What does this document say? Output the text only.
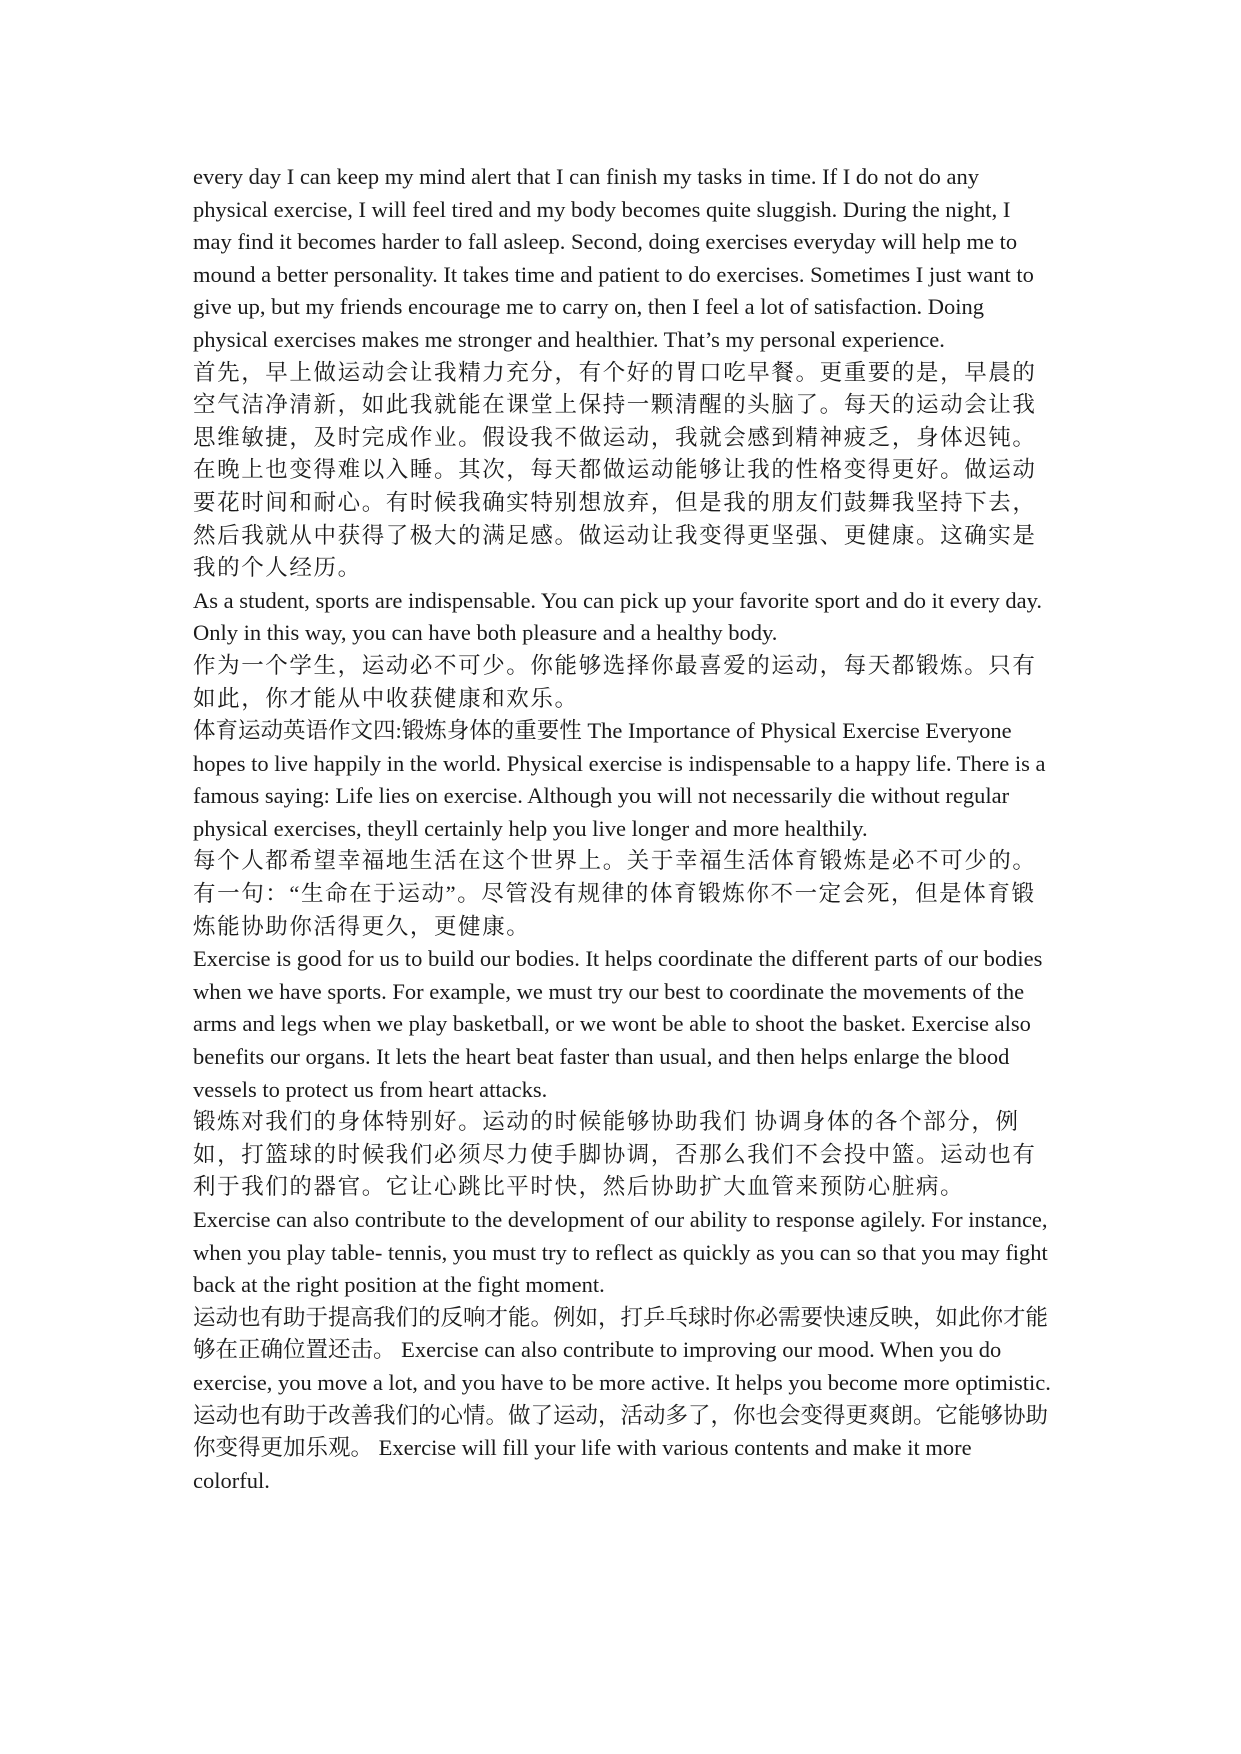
every day I can keep my mind alert that I can finish my tasks in time. If I do not do any physical exercise, I will feel tired and my body becomes quite sluggish. During the night, I may find it becomes harder to fall asleep. Second, doing exercises everyday will help me to mound a better personality. It takes time and patient to do exercises. Sometimes I just want to give up, but my friends encourage me to carry on, then I feel a lot of satisfaction. Doing physical exercises makes me stronger and healthier. That’s my personal experience.

首先，早上做运动会让我精力充分，有个好的胃口吃早餐。更重要的是，早晨的空气洁净清新，如此我就能在课堂上保持一颗清醒的头脑了。每天的运动会让我思维敏捷，及时完成作业。假设我不做运动，我就会感到精神疲乏，身体迟钝。在晚上也变得难以入睡。其次，每天都做运动能够让我的性格变得更好。做运动要花时间和耐心。有时候我确实特别想放弃，但是我的朋友们鼓舞我坚持下去，然后我就从中获得了极大的满足感。做运动让我变得更坚强、更健康。这确实是我的个人经历。

As a student, sports are indispensable. You can pick up your favorite sport and do it every day. Only in this way, you can have both pleasure and a healthy body.

作为一个学生，运动必不可少。你能够选择你最喜爱的运动，每天都锻炼。只有如此，你才能从中收获健康和欢乐。

体育运动英语作文四:锻炼身体的重要性 The Importance of Physical Exercise Everyone hopes to live happily in the world. Physical exercise is indispensable to a happy life. There is a famous saying: Life lies on exercise. Although you will not necessarily die without regular physical exercises, theyll certainly help you live longer and more healthily.

每个人都希望幸福地生活在这个世界上。关于幸福生活体育锻炼是必不可少的。有一句：“生命在于运动”。尽管没有规律的体育锻炼你不一定会死，但是体育锻炼能协助你活得更久，更健康。

Exercise is good for us to build our bodies. It helps coordinate the different parts of our bodies when we have sports. For example, we must try our best to coordinate the movements of the arms and legs when we play basketball, or we wont be able to shoot the basket. Exercise also benefits our organs. It lets the heart beat faster than usual, and then helps enlarge the blood vessels to protect us from heart attacks.

锻炼对我们的身体特别好。运动的时候能够协助我们 协调身体的各个部分，例如，打篮球的时候我们必须尽力使手脚协调，否那么我们不会投中篮。运动也有利于我们的器官。它让心跳比平时快，然后协助扩大血管来预防心脏病。

Exercise can also contribute to the development of our ability to response agilely. For instance, when you play table- tennis, you must try to reflect as quickly as you can so that you may fight back at the right position at the fight moment.

运动也有助于提高我们的反响才能。例如，打乒乓球时你必需要快速反映，如此你才能够在正确位置还击。 Exercise can also contribute to improving our mood. When you do exercise, you move a lot, and you have to be more active. It helps you become more optimistic.

运动也有助于改善我们的心情。做了运动，活动多了，你也会变得更爽朗。它能够协助你变得更加乐观。 Exercise will fill your life with various contents and make it more colorful.
